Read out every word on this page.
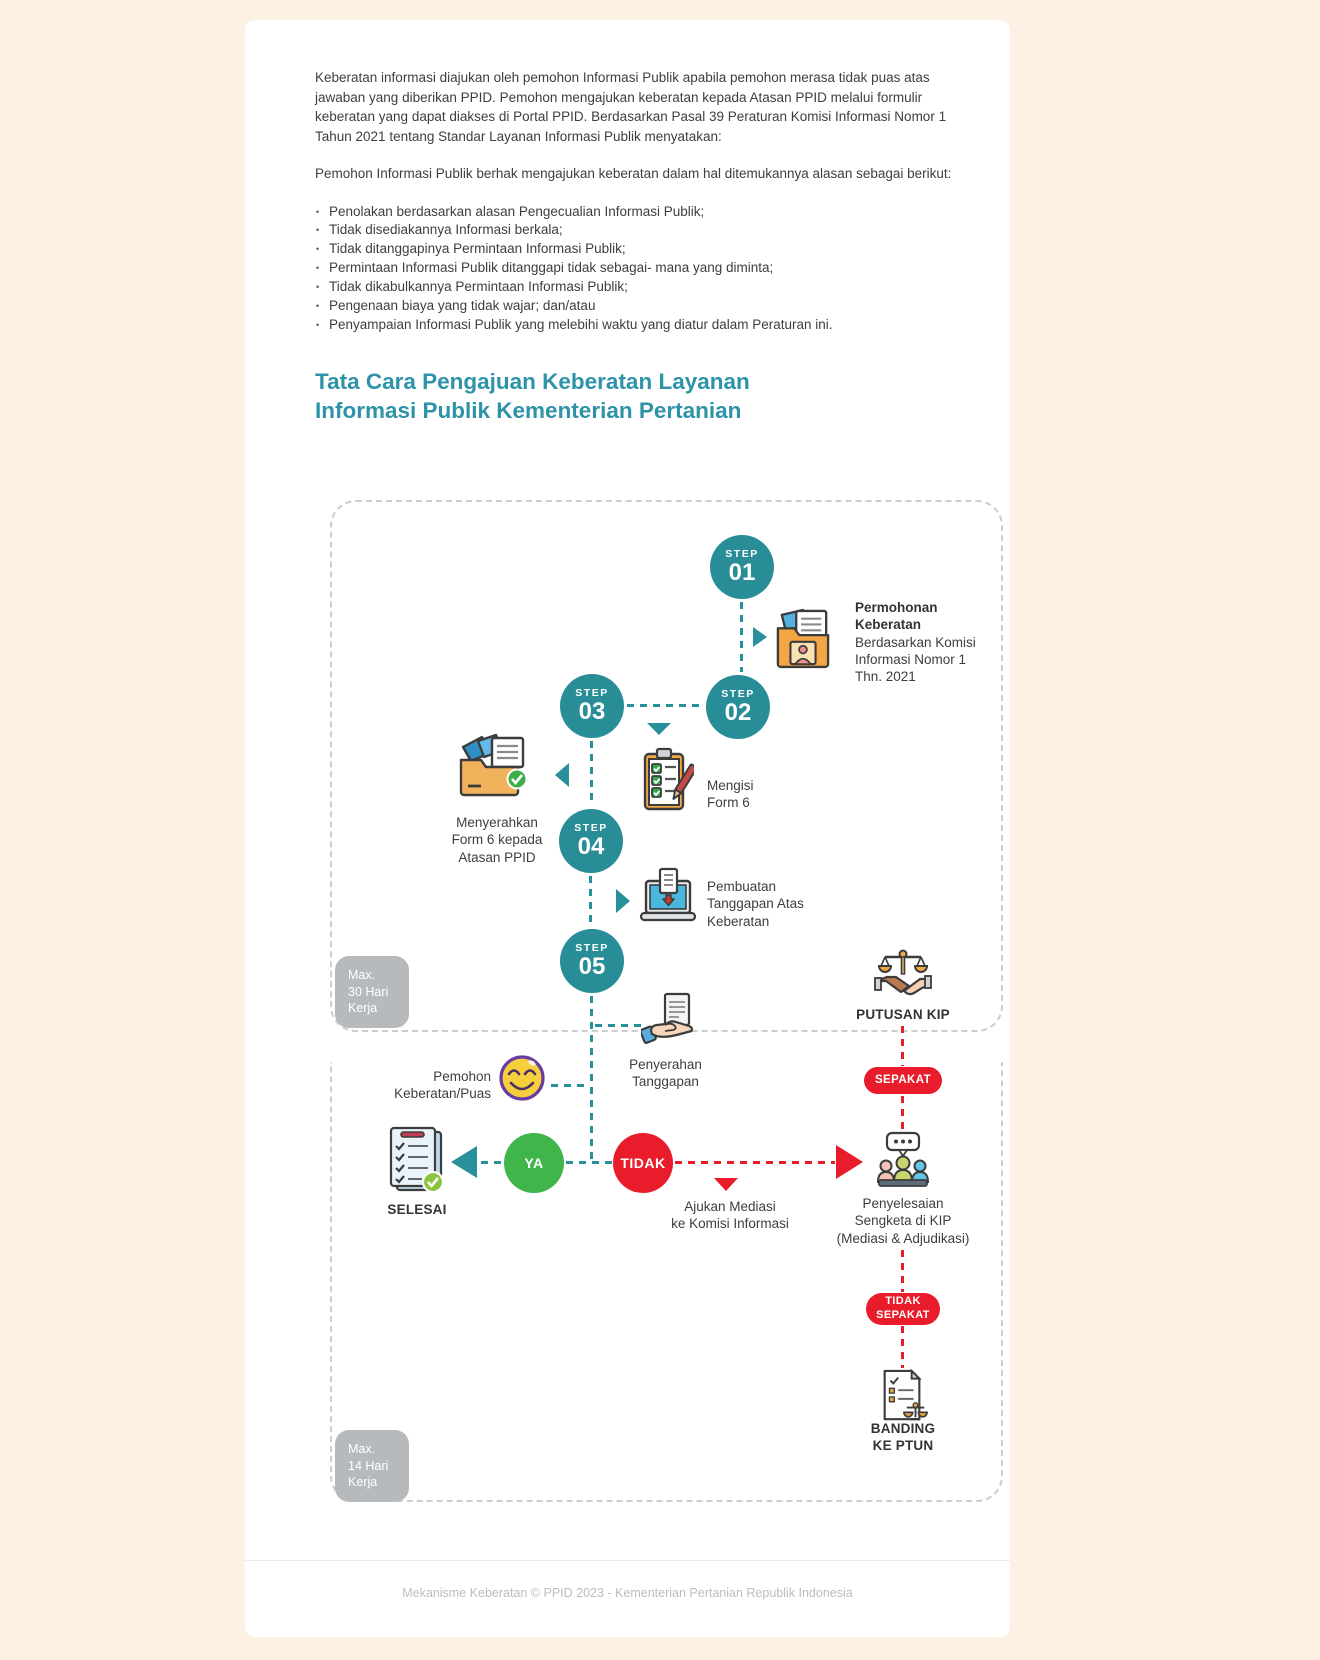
Keberatan informasi diajukan oleh pemohon Informasi Publik apabila pemohon merasa tidak puas atas jawaban yang diberikan PPID. Pemohon mengajukan keberatan kepada Atasan PPID melalui formulir keberatan yang dapat diakses di Portal PPID. Berdasarkan Pasal 39 Peraturan Komisi Informasi Nomor 1 Tahun 2021 tentang Standar Layanan Informasi Publik menyatakan:

Pemohon Informasi Publik berhak mengajukan keberatan dalam hal ditemukannya alasan sebagai berikut:

• Penolakan berdasarkan alasan Pengecualian Informasi Publik;
• Tidak disediakannya Informasi berkala;
• Tidak ditanggapinya Permintaan Informasi Publik;
• Permintaan Informasi Publik ditanggapi tidak sebagai- mana yang diminta;
• Tidak dikabulkannya Permintaan Informasi Publik;
• Pengenaan biaya yang tidak wajar; dan/atau
• Penyampaian Informasi Publik yang melebihi waktu yang diatur dalam Peraturan ini.
Tata Cara Pengajuan Keberatan Layanan Informasi Publik Kementerian Pertanian
Max.
30 Hari
Kerja
Max.
14 Hari
Kerja
STEP
01
STEP
02
STEP
03
STEP
04
STEP
05
YA	TIDAK
SEPAKAT
TIDAK
SEPAKAT
Permohonan
Keberatan
Berdasarkan Komisi
Informasi Nomor 1
Thn. 2021
Mengisi
Form 6
Menyerahkan
Form 6 kepada
Atasan PPID
Pembuatan
Tanggapan Atas
Keberatan
Penyerahan
Tanggapan
Pemohon
Keberatan/Puas
SELESAI	Ajukan Mediasi
ke Komisi Informasi
PUTUSAN KIP
Penyelesaian
Sengketa di KIP
(Mediasi & Adjudikasi)
BANDING
KE PTUN
Mekanisme Keberatan © PPID 2023 - Kementerian Pertanian Republik Indonesia
